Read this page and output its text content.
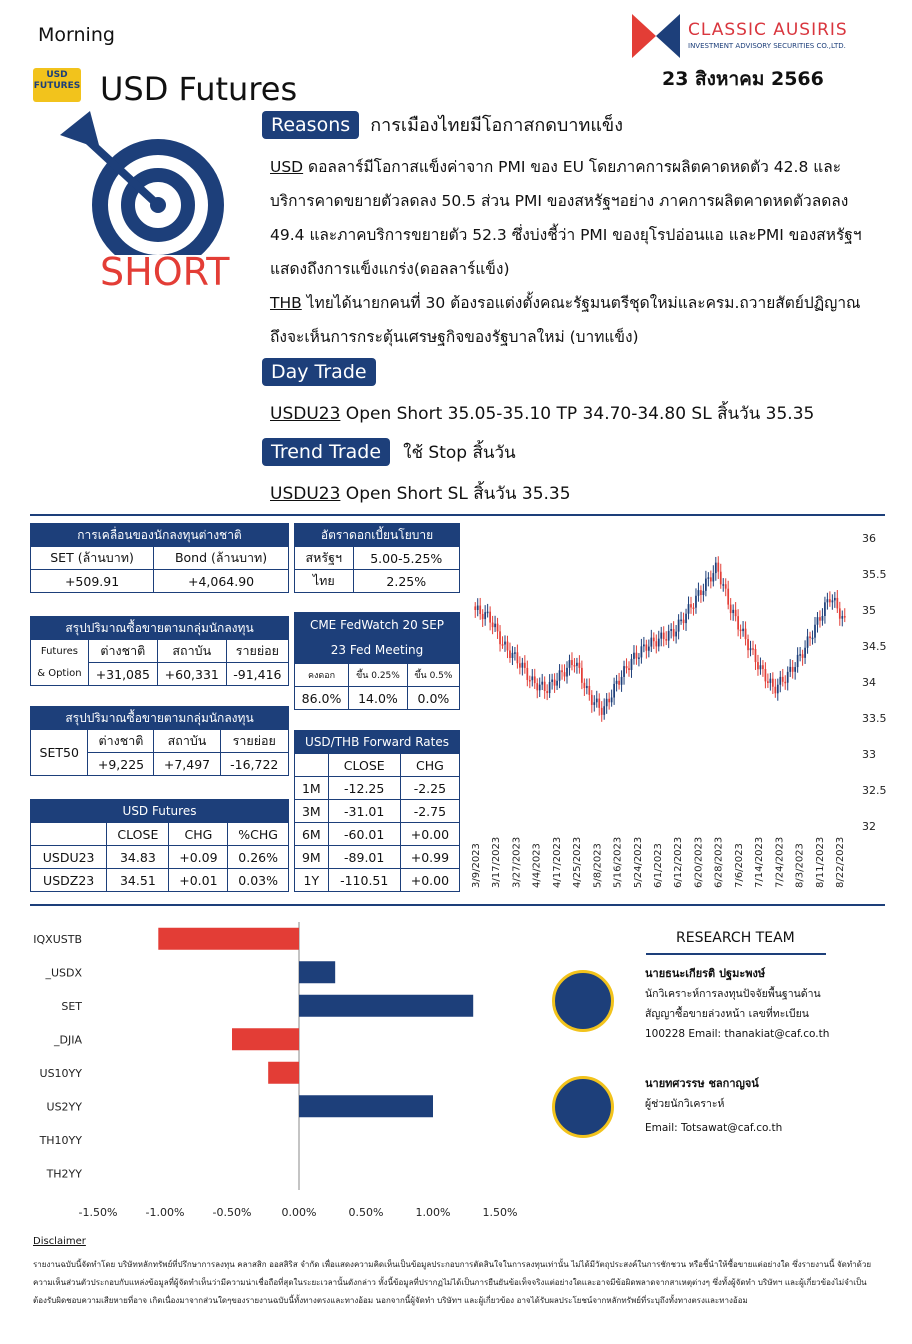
Morning	CLASSIC AUSIRIS
INVESTMENT ADVISORY SECURITIES CO.,LTD.
23 สิงหาคม 2566
USD FUTURES USD Futures
SHORT
Reasons การเมืองไทยมีโอกาสกดบาทแข็ง
USD ดอลลาร์มีโอกาสแข็งค่าจาก PMI ของ EU โดยภาคการผลิตคาดหดตัว 42.8 และบริการคาดขยายตัวลดลง 50.5 ส่วน PMI ของสหรัฐฯอย่าง ภาคการผลิตคาดหดตัวลดลง 49.4 และภาคบริการขยายตัว 52.3 ซึ่งบ่งชี้ว่า PMI ของยุโรปอ่อนแอ และPMI ของสหรัฐฯแสดงถึงการแข็งแกร่ง(ดอลลาร์แข็ง)
THB ไทยได้นายกคนที่ 30 ต้องรอแต่งตั้งคณะรัฐมนตรีชุดใหม่และครม.ถวายสัตย์ปฏิญาณ ถึงจะเห็นการกระตุ้นเศรษฐกิจของรัฐบาลใหม่ (บาทแข็ง)
Day Trade
USDU23 Open Short 35.05-35.10 TP 34.70-34.80 SL สิ้นวัน 35.35
Trend Trade ใช้ Stop สิ้นวัน
USDU23 Open Short SL สิ้นวัน 35.35
การเคลื่อนของนักลงทุนต่างชาติ	
SET (ล้านบาท)	Bond (ล้านบาท)
+509.91	+4,064.90
อัตราดอกเบี้ยนโยบาย	
สหรัฐฯ	5.00-5.25%
ไทย	2.25%
สรุปปริมาณซื้อขายตามกลุ่มนักลงทุน			

Futures
& Option	ต่างชาติ	สถาบัน	รายย่อย
	+31,085	+60,331	-91,416
CME FedWatch 20 SEP
23 Fed Meeting		

คงดอก	ขึ้น 0.25%	ขึ้น 0.5%
86.0%	14.0%	0.0%
สรุปปริมาณซื้อขายตามกลุ่มนักลงทุน			
SET50	ต่างชาติ	สถาบัน	รายย่อย
	+9,225	+7,497	-16,722
USD/THB Forward Rates		
	CLOSE	CHG
1M	-12.25	-2.25
3M	-31.01	-2.75
6M	-60.01	+0.00
9M	-89.01	+0.99
1Y	-110.51	+0.00
USD Futures			
	CLOSE	CHG	%CHG
USDU23	34.83	+0.09	0.26%
USDZ23	34.51	+0.01	0.03%
36
35.5
35
34.5
34
33.5
33
32.5
32
3/9/2023 3/17/2023 3/27/2023 4/4/2023 4/17/2023 4/25/2023 5/8/2023 5/16/2023 5/24/2023 6/1/2023 6/12/2023 6/20/2023 6/28/2023 7/6/2023 7/14/2023 7/24/2023 8/3/2023 8/11/2023 8/22/2023
IQXUSTB
_USDX
SET
_DJIA
US10YY
US2YY
TH10YY
TH2YY
-1.50%	-1.00%	-0.50%	0.00%	0.50%	1.00%	1.50%
RESEARCH TEAM
นายธนะเกียรติ ปฐมะพงษ์
นักวิเคราะห์การลงทุนปัจจัยพื้นฐานด้าน
สัญญาซื้อขายล่วงหน้า เลขที่ทะเบียน
100228 Email: thanakiat@caf.co.th
นายทศวรรษ ชลกาญจน์
ผู้ช่วยนักวิเคราะห์
Email: Totsawat@caf.co.th
Disclaimer
รายงานฉบับนี้จัดทำโดย บริษัทหลักทรัพย์ที่ปรึกษาการลงทุน คลาสสิก ออสสิริส จำกัด เพื่อแสดงความคิดเห็นเป็นข้อมูลประกอบการตัดสินใจในการลงทุนเท่านั้น ไม่ได้มีวัตถุประสงค์ในการชักชวน หรือชี้นำให้ซื้อขายแต่อย่างใด ซึ่งรายงานนี้ จัดทำด้วยความเห็นส่วนตัวประกอบกับแหล่งข้อมูลที่ผู้จัดทำเห็นว่ามีความน่าเชื่อถือที่สุดในระยะเวลานั้นดังกล่าว ทั้งนี้ข้อมูลที่ปรากฏไม่ได้เป็นการยืนยันข้อเท็จจริงแต่อย่างใดและอาจมีข้อผิดพลาดจากสาเหตุต่างๆ ซึ่งทั้งผู้จัดทำ บริษัทฯ และผู้เกี่ยวข้องไม่จำเป็นต้องรับผิดชอบความเสียหายที่อาจ เกิดเนื่องมาจากส่วนใดๆของรายงานฉบับนี้ทั้งทางตรงและทางอ้อม นอกจากนี้ผู้จัดทำ บริษัทฯ และผู้เกี่ยวข้อง อาจได้รับผลประโยชน์จากหลักทรัพย์ที่ระบุถึงทั้งทางตรงและทางอ้อม
